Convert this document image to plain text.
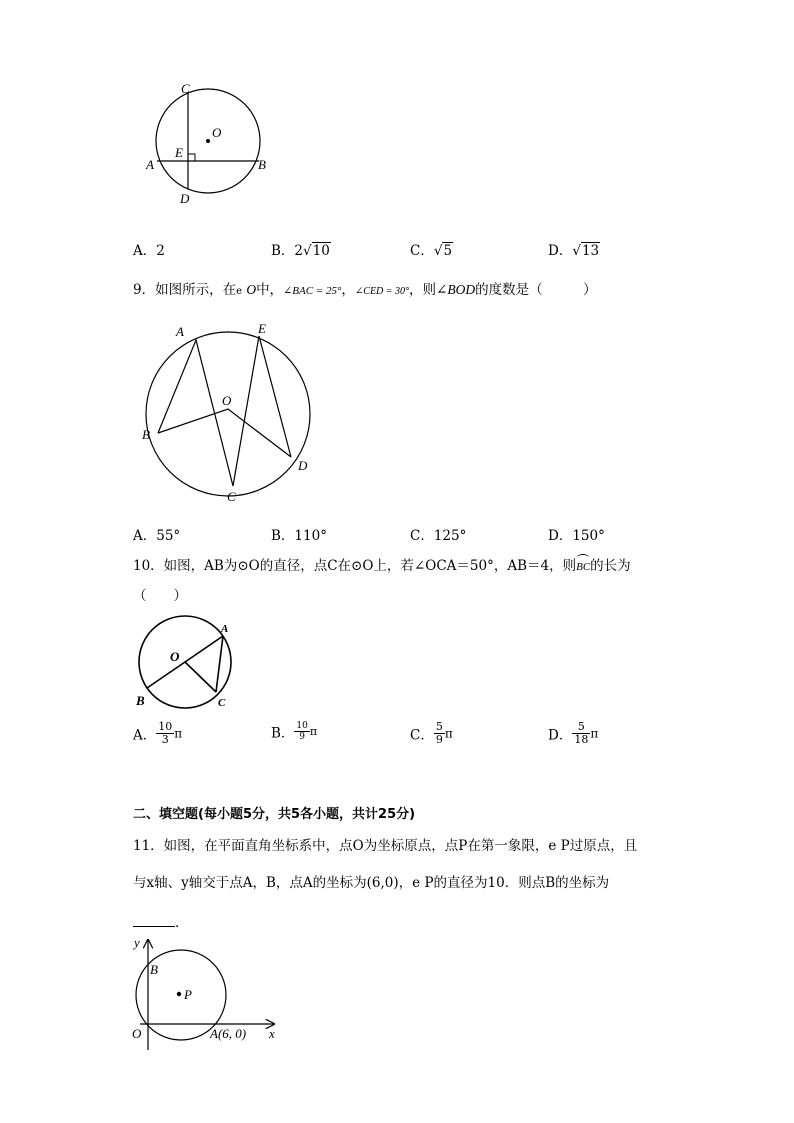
C
O
E
A	B
D
A．2	B．2√10	C．√5	D．√13
9．如图所示，在e O中，∠BAC = 25°，∠CED = 30°，则∠BOD的度数是（　　　）
A	E
O
B
D
C
A．55°	B．110°	C．125°	D．150°
10．如图，AB为⊙O的直径，点C在⊙O上，若∠OCA＝50°，AB＝4，则
BC的长为
（　　）
O
A
B	C
A． $\frac{10}{3}$ π	B． $\frac{10}{9}$ π	C． $\frac{5}{9}$ π	D． $\frac{5}{18}$ π
二、填空题(每小题5分，共5各小题，共计25分)
11．如图，在平面直角坐标系中，点O为坐标原点，点P在第一象限，e P过原点，且
与x轴、y轴交于点A，B，点A的坐标为(6,0)，e P的直径为10．则点B的坐标为
．
y
B
P
O	A(6, 0) x
